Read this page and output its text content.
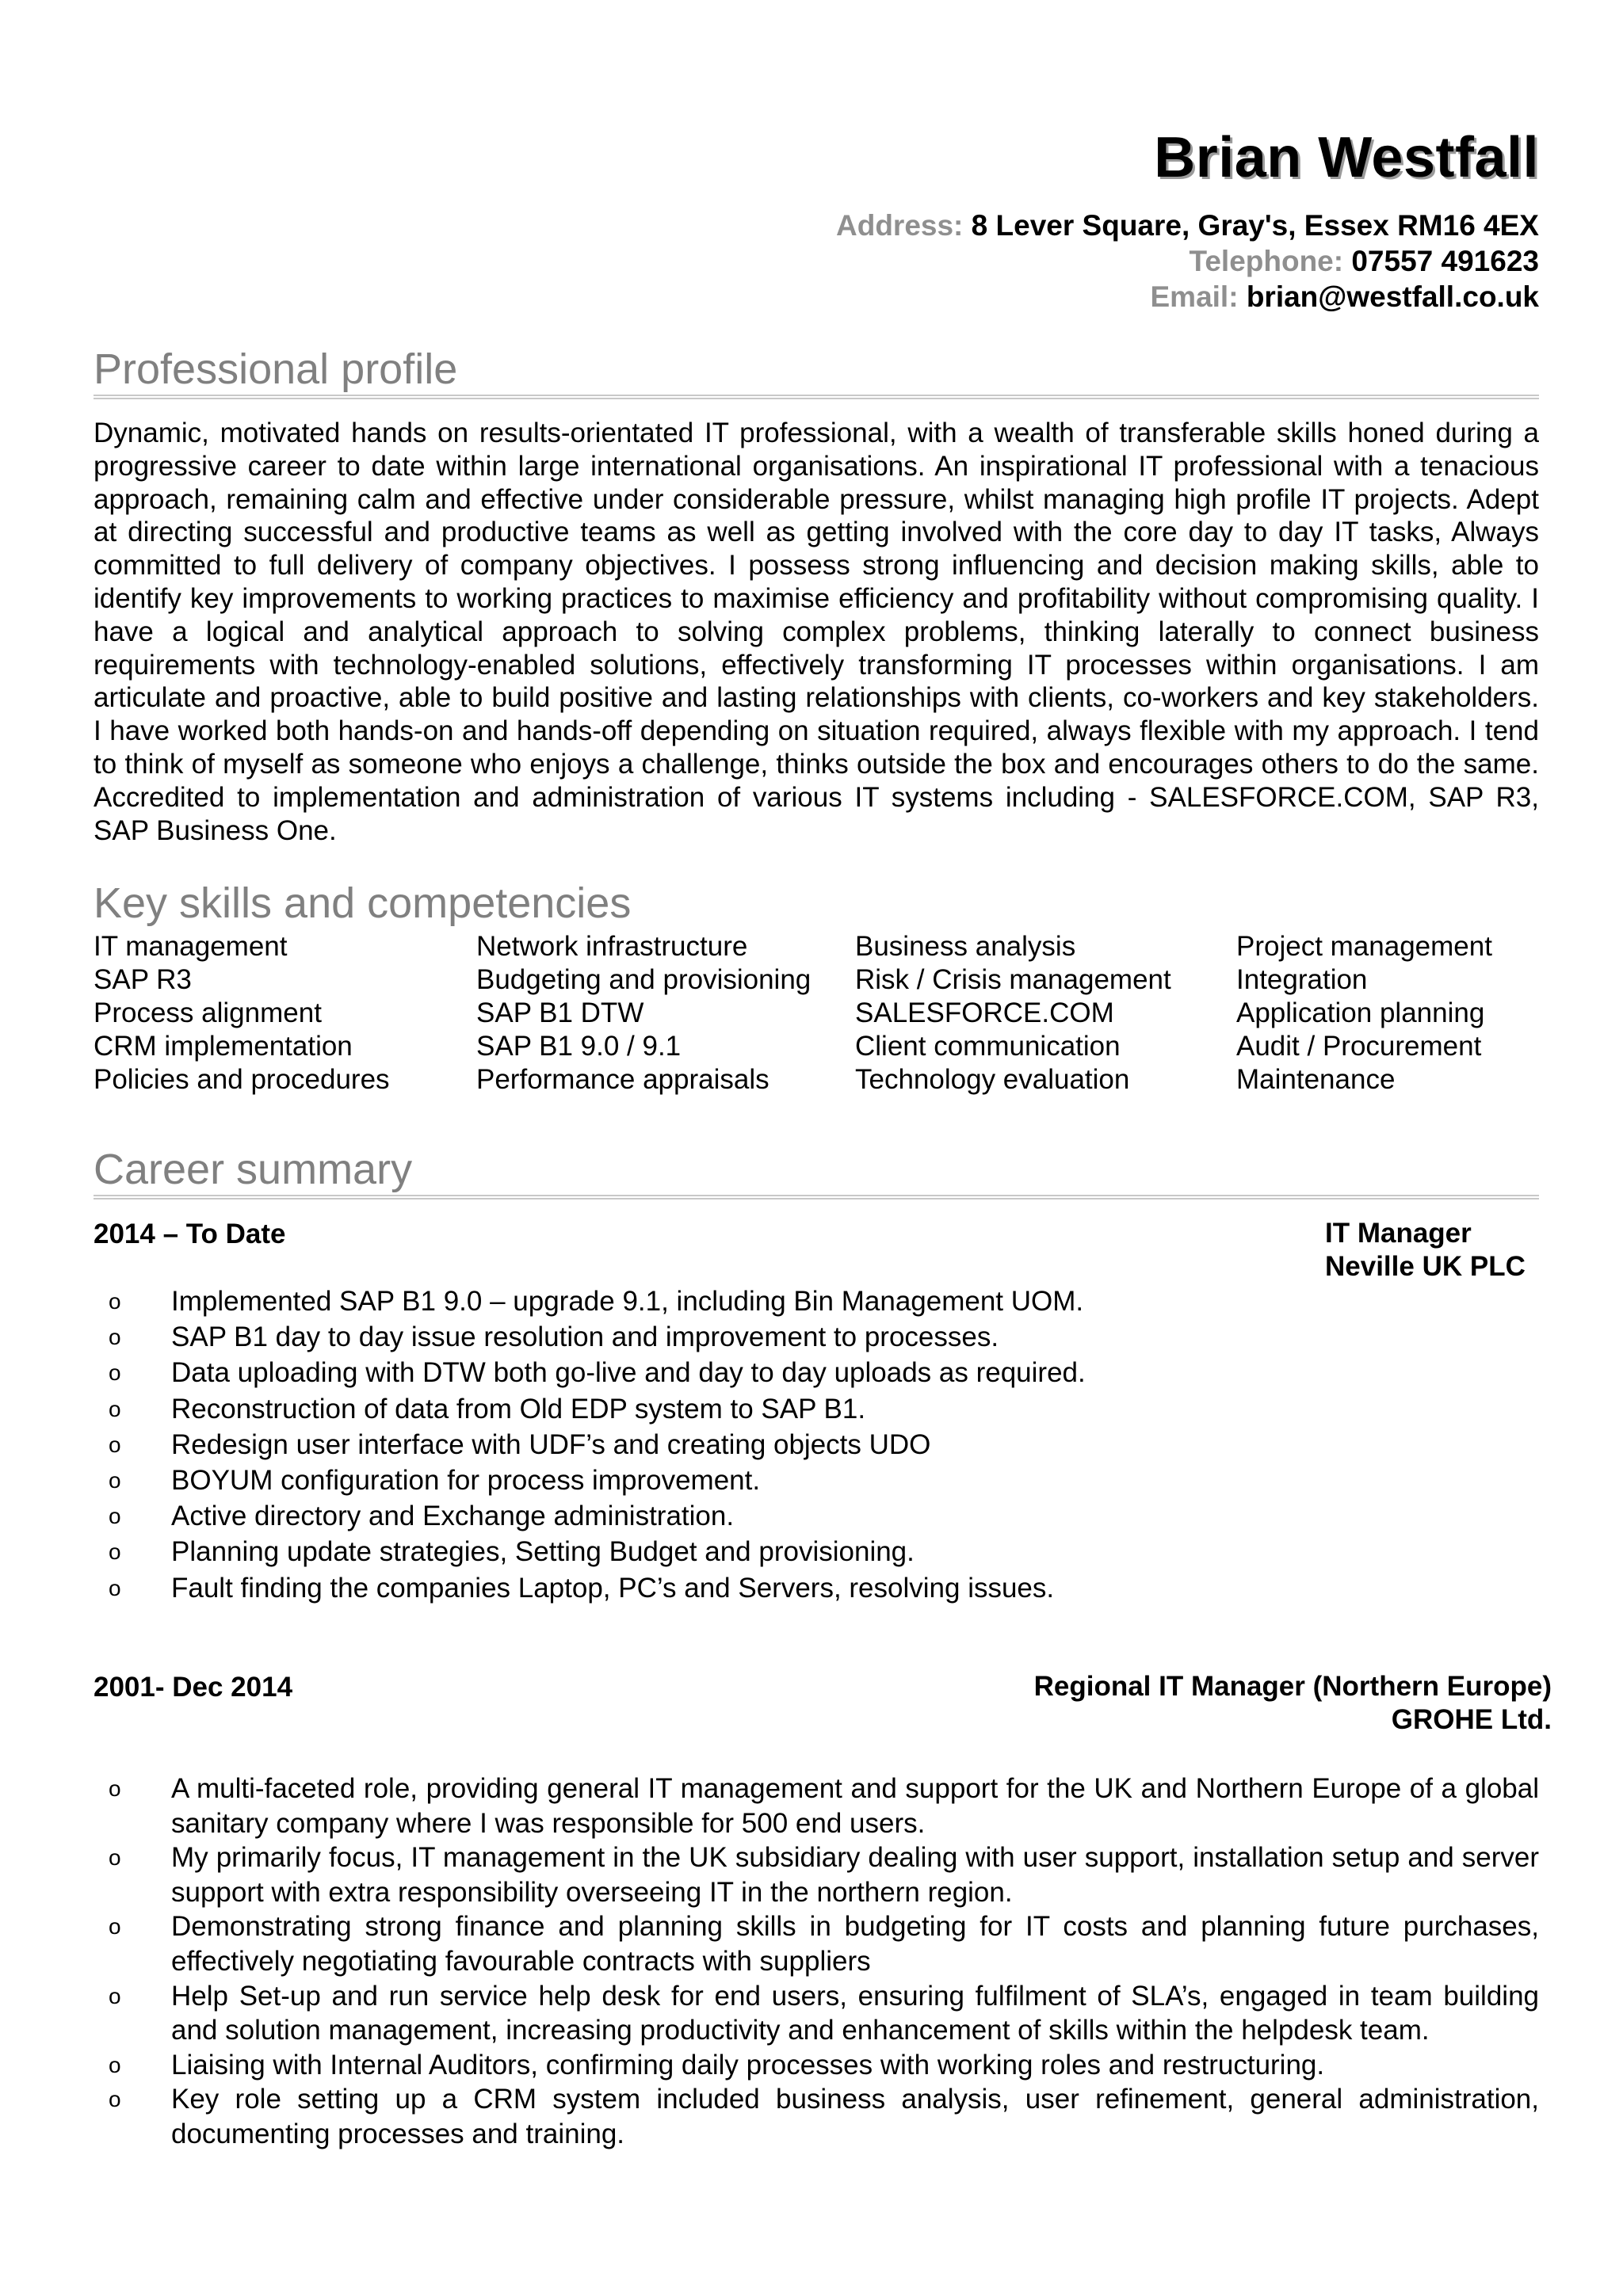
Brian Westfall
Address: 8 Lever Square, Gray's, Essex RM16 4EX
Telephone: 07557 491623
Email: brian@westfall.co.uk
Professional profile

Dynamic, motivated hands on results-orientated IT professional, with a wealth of transferable skills honed during a progressive career to date within large international organisations. An inspirational IT professional with a tenacious approach, remaining calm and effective under considerable pressure, whilst managing high profile IT projects. Adept at directing successful and productive teams as well as getting involved with the core day to day IT tasks, Always committed to full delivery of company objectives. I possess strong influencing and decision making skills, able to identify key improvements to working practices to maximise efficiency and profitability without compromising quality. I have a logical and analytical approach to solving complex problems, thinking laterally to connect business requirements with technology-enabled solutions, effectively transforming IT processes within organisations. I am articulate and proactive, able to build positive and lasting relationships with clients, co-workers and key stakeholders. I have worked both hands-on and hands-off depending on situation required, always flexible with my approach. I tend to think of myself as someone who enjoys a challenge, thinks outside the box and encourages others to do the same. Accredited to implementation and administration of various IT systems including - SALESFORCE.COM, SAP R3, SAP Business One.

Key skills and competencies
IT management
SAP R3
Process alignment
CRM implementation
Policies and procedures
Network infrastructure
Budgeting and provisioning
SAP B1 DTW
SAP B1 9.0 / 9.1
Performance appraisals
Business analysis
Risk / Crisis management
SALESFORCE.COM
Client communication
Technology evaluation
Project management
Integration
Application planning
Audit / Procurement
Maintenance
Career summary
2014 – To Date	IT Manager
Neville UK PLC
o Implemented SAP B1 9.0 – upgrade 9.1, including Bin Management UOM.
o SAP B1 day to day issue resolution and improvement to processes.
o Data uploading with DTW both go-live and day to day uploads as required.
o Reconstruction of data from Old EDP system to SAP B1.
o Redesign user interface with UDF’s and creating objects UDO
o BOYUM configuration for process improvement.
o Active directory and Exchange administration.
o Planning update strategies, Setting Budget and provisioning.
o Fault finding the companies Laptop, PC’s and Servers, resolving issues.
2001- Dec 2014	Regional IT Manager (Northern Europe)
GROHE Ltd.
o A multi-faceted role, providing general IT management and support for the UK and Northern Europe of a global sanitary company where I was responsible for 500 end users.
o My primarily focus, IT management in the UK subsidiary dealing with user support, installation setup and server support with extra responsibility overseeing IT in the northern region.
o Demonstrating strong finance and planning skills in budgeting for IT costs and planning future purchases, effectively negotiating favourable contracts with suppliers
o Help Set-up and run service help desk for end users, ensuring fulfilment of SLA’s, engaged in team building and solution management, increasing productivity and enhancement of skills within the helpdesk team.
o Liaising with Internal Auditors, confirming daily processes with working roles and restructuring.
o Key role setting up a CRM system included business analysis, user refinement, general administration, documenting processes and training.
